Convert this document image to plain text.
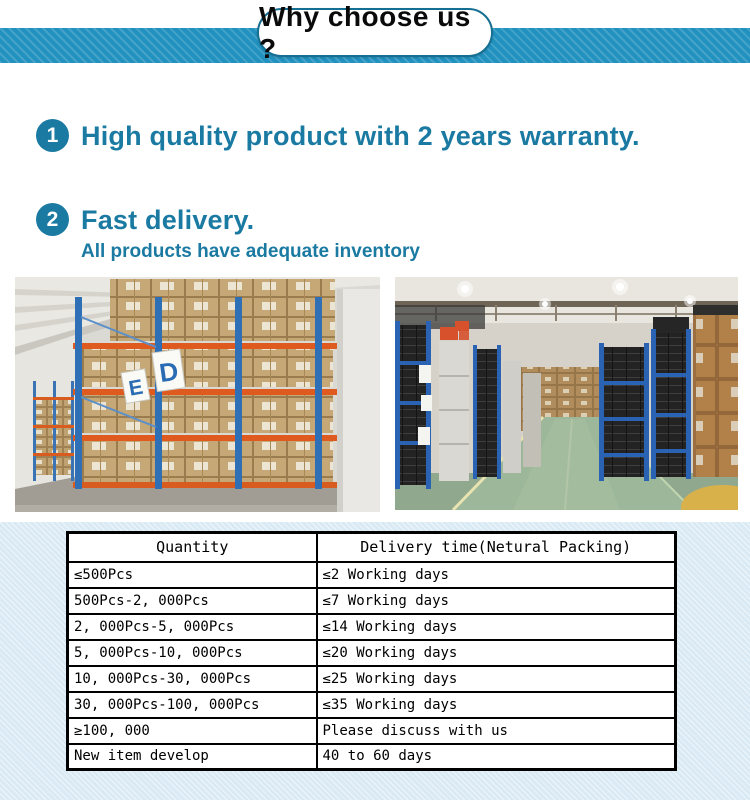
Why choose us ?
1 High quality product with 2 years warranty.
2 Fast delivery.
All products have adequate inventory
E
D
Quantity	Delivery time(Netural Packing)
≤500Pcs	≤2 Working days
500Pcs-2, 000Pcs	≤7 Working days
2, 000Pcs-5, 000Pcs	≤14 Working days
5, 000Pcs-10, 000Pcs	≤20 Working days
10, 000Pcs-30, 000Pcs	≤25 Working days
30, 000Pcs-100, 000Pcs	≤35 Working days
≥100, 000	Please discuss with us
New item develop	40 to 60 days
